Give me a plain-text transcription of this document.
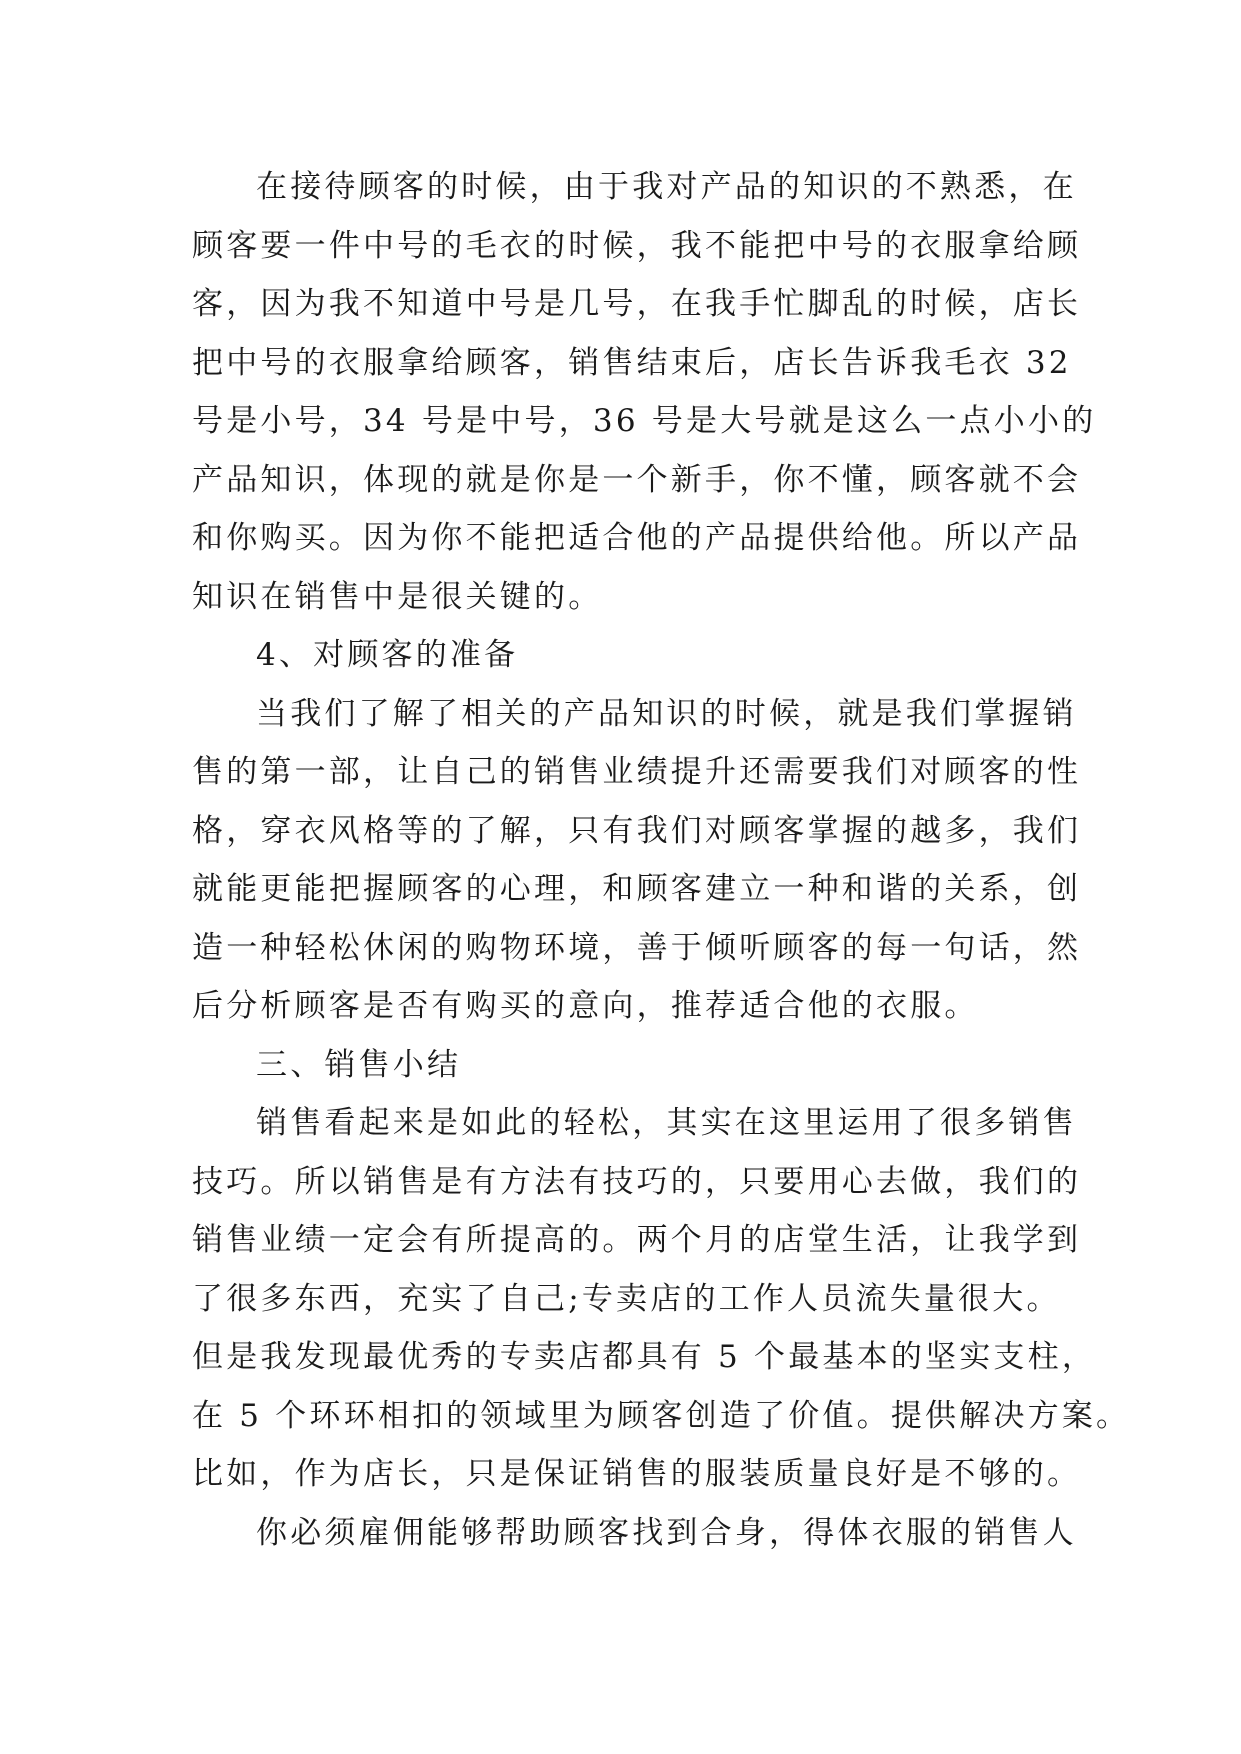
在接待顾客的时候，由于我对产品的知识的不熟悉，在
顾客要一件中号的毛衣的时候，我不能把中号的衣服拿给顾
客，因为我不知道中号是几号，在我手忙脚乱的时候，店长
把中号的衣服拿给顾客，销售结束后，店长告诉我毛衣 32
号是小号，34 号是中号，36 号是大号就是这么一点小小的
产品知识，体现的就是你是一个新手，你不懂，顾客就不会
和你购买。因为你不能把适合他的产品提供给他。所以产品
知识在销售中是很关键的。
4、对顾客的准备
当我们了解了相关的产品知识的时候，就是我们掌握销
售的第一部，让自己的销售业绩提升还需要我们对顾客的性
格，穿衣风格等的了解，只有我们对顾客掌握的越多，我们
就能更能把握顾客的心理，和顾客建立一种和谐的关系，创
造一种轻松休闲的购物环境，善于倾听顾客的每一句话，然
后分析顾客是否有购买的意向，推荐适合他的衣服。
三、销售小结
销售看起来是如此的轻松，其实在这里运用了很多销售
技巧。所以销售是有方法有技巧的，只要用心去做，我们的
销售业绩一定会有所提高的。两个月的店堂生活，让我学到
了很多东西，充实了自己;专卖店的工作人员流失量很大。
但是我发现最优秀的专卖店都具有 5 个最基本的坚实支柱，
在 5 个环环相扣的领域里为顾客创造了价值。提供解决方案。
比如，作为店长，只是保证销售的服装质量良好是不够的。
你必须雇佣能够帮助顾客找到合身，得体衣服的销售人
